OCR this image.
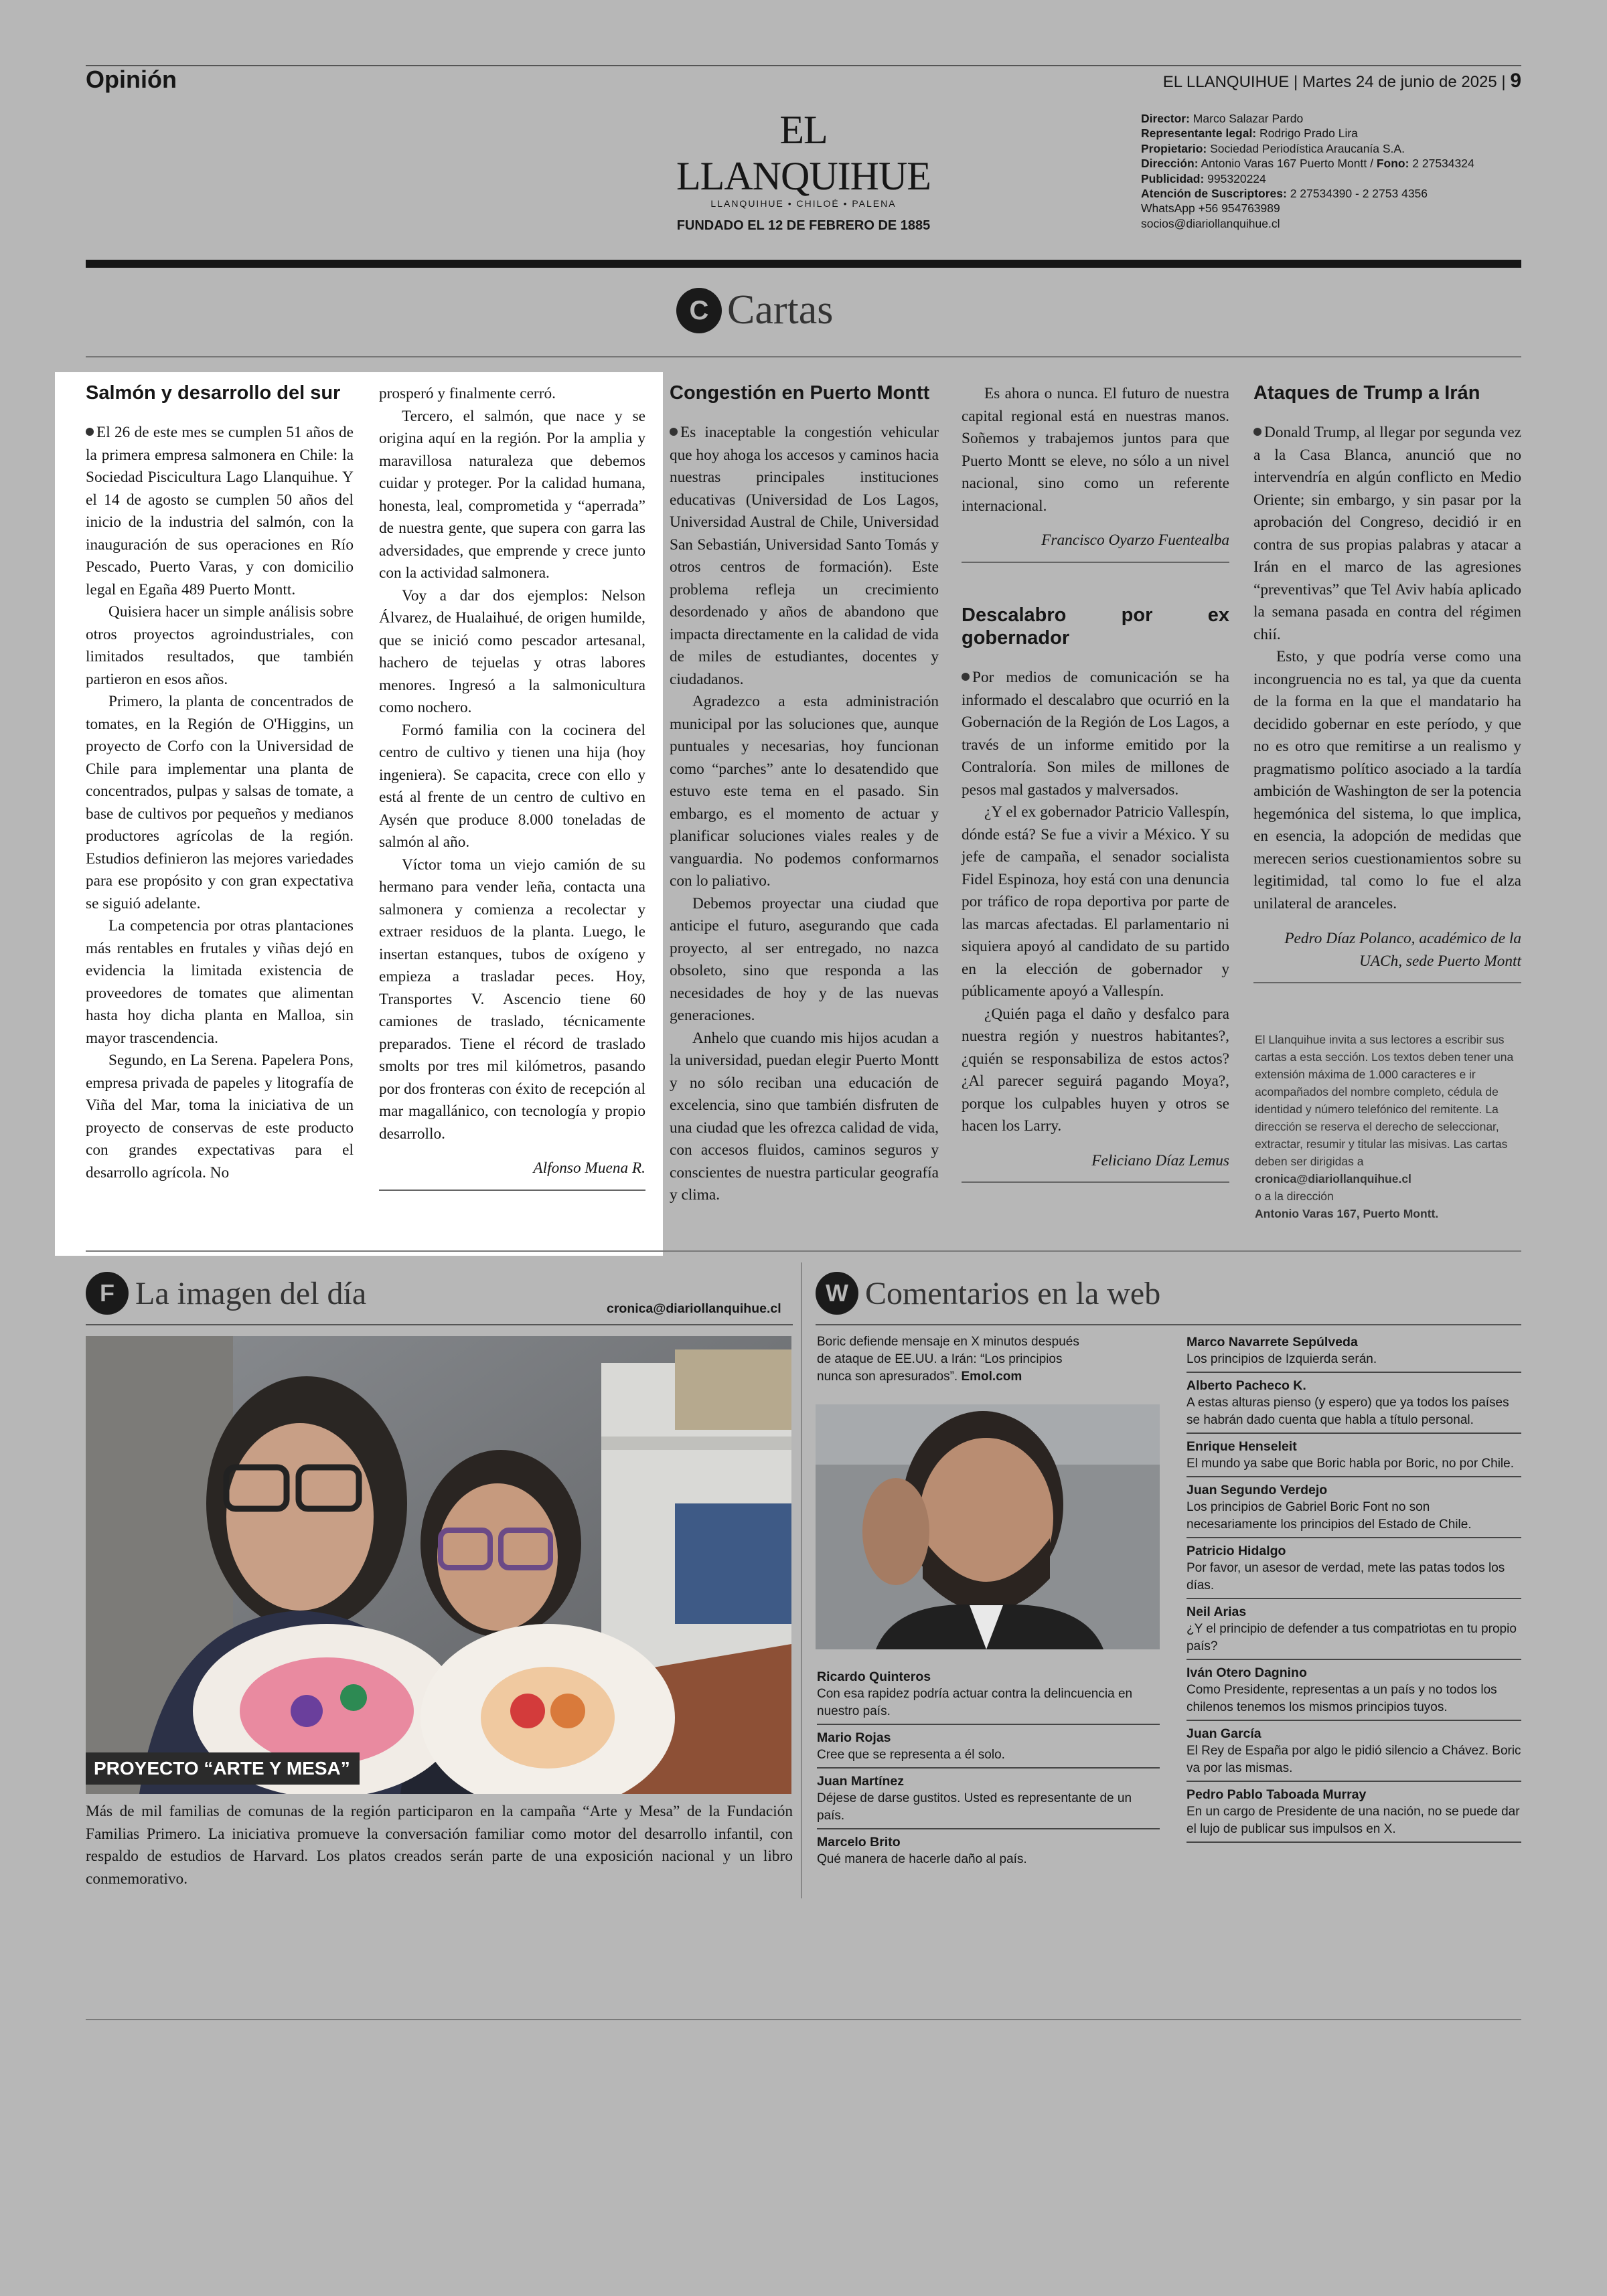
Opinión	EL LLANQUIHUE | Martes 24 de junio de 2025 | 9
EL LLANQUIHUE
LLANQUIHUE • CHILOÉ • PALENA
FUNDADO EL 12 DE FEBRERO DE 1885
Director: Marco Salazar Pardo
Representante legal: Rodrigo Prado Lira
Propietario: Sociedad Periodística Araucanía S.A.
Dirección: Antonio Varas 167 Puerto Montt / Fono: 2 27534324
Publicidad: 995320224
Atención de Suscriptores: 2 27534390 - 2 2753 4356
WhatsApp +56 954763989
socios@diariollanquihue.cl
C Cartas
Salmón y desarrollo del sur

El 26 de este mes se cumplen 51 años de la primera empresa salmonera en Chile: la Sociedad Piscicultura Lago Llanquihue. Y el 14 de agosto se cumplen 50 años del inicio de la industria del salmón, con la inauguración de sus operaciones en Río Pescado, Puerto Varas, y con domicilio legal en Egaña 489 Puerto Montt.

Quisiera hacer un simple análisis sobre otros proyectos agroindustriales, con limitados resultados, que también partieron en esos años.

Primero, la planta de concentrados de tomates, en la Región de O'Higgins, un proyecto de Corfo con la Universidad de Chile para implementar una planta de concentrados, pulpas y salsas de tomate, a base de cultivos por pequeños y medianos productores agrícolas de la región. Estudios definieron las mejores variedades para ese propósito y con gran expectativa se siguió adelante.

La competencia por otras plantaciones más rentables en frutales y viñas dejó en evidencia la limitada existencia de proveedores de tomates que alimentan hasta hoy dicha planta en Malloa, sin mayor trascendencia.

Segundo, en La Serena. Papelera Pons, empresa privada de papeles y litografía de Viña del Mar, toma la iniciativa de un proyecto de conservas de este producto con grandes expectativas para el desarrollo agrícola. No

prosperó y finalmente cerró.

Tercero, el salmón, que nace y se origina aquí en la región. Por la amplia y maravillosa naturaleza que debemos cuidar y proteger. Por la calidad humana, honesta, leal, comprometida y “aperrada” de nuestra gente, que supera con garra las adversidades, que emprende y crece junto con la actividad salmonera.

Voy a dar dos ejemplos: Nelson Álvarez, de Hualaihué, de origen humilde, que se inició como pescador artesanal, hachero de tejuelas y otras labores menores. Ingresó a la salmonicultura como nochero.

Formó familia con la cocinera del centro de cultivo y tienen una hija (hoy ingeniera). Se capacita, crece con ello y está al frente de un centro de cultivo en Aysén que produce 8.000 toneladas de salmón al año.

Víctor toma un viejo camión de su hermano para vender leña, contacta una salmonera y comienza a recolectar y extraer residuos de la planta. Luego, le insertan estanques, tubos de oxígeno y empieza a trasladar peces. Hoy, Transportes V. Ascencio tiene 60 camiones de traslado, técnicamente preparados. Tiene el récord de traslado smolts por tres mil kilómetros, pasando por dos fronteras con éxito de recepción al mar magallánico, con tecnología y propio desarrollo.

Alfonso Muena R.
Congestión en Puerto Montt

Es inaceptable la congestión vehicular que hoy ahoga los accesos y caminos hacia nuestras principales instituciones educativas (Universidad de Los Lagos, Universidad Austral de Chile, Universidad San Sebastián, Universidad Santo Tomás y otros centros de formación). Este problema refleja un crecimiento desordenado y años de abandono que impacta directamente en la calidad de vida de miles de estudiantes, docentes y ciudadanos.

Agradezco a esta administración municipal por las soluciones que, aunque puntuales y necesarias, hoy funcionan como “parches” ante lo desatendido que estuvo este tema en el pasado. Sin embargo, es el momento de actuar y planificar soluciones viales reales y de vanguardia. No podemos conformarnos con lo paliativo.

Debemos proyectar una ciudad que anticipe el futuro, asegurando que cada proyecto, al ser entregado, no nazca obsoleto, sino que responda a las necesidades de hoy y de las nuevas generaciones.

Anhelo que cuando mis hijos acudan a la universidad, puedan elegir Puerto Montt y no sólo reciban una educación de excelencia, sino que también disfruten de una ciudad que les ofrezca calidad de vida, con accesos fluidos, caminos seguros y conscientes de nuestra particular geografía y clima.

Es ahora o nunca. El futuro de nuestra capital regional está en nuestras manos. Soñemos y trabajemos juntos para que Puerto Montt se eleve, no sólo a un nivel nacional, sino como un referente internacional.

Francisco Oyarzo Fuentealba
Descalabro por ex gobernador

Por medios de comunicación se ha informado el descalabro que ocurrió en la Gobernación de la Región de Los Lagos, a través de un informe emitido por la Contraloría. Son miles de millones de pesos mal gastados y malversados.

¿Y el ex gobernador Patricio Vallespín, dónde está? Se fue a vivir a México. Y su jefe de campaña, el senador socialista Fidel Espinoza, hoy está con una denuncia por tráfico de ropa deportiva por parte de las marcas afectadas. El parlamentario ni siquiera apoyó al candidato de su partido en la elección de gobernador y públicamente apoyó a Vallespín.

¿Quién paga el daño y desfalco para nuestra región y nuestros habitantes?, ¿quién se responsabiliza de estos actos? ¿Al parecer seguirá pagando Moya?, porque los culpables huyen y otros se hacen los Larry.

Feliciano Díaz Lemus
Ataques de Trump a Irán

Donald Trump, al llegar por segunda vez a la Casa Blanca, anunció que no intervendría en algún conflicto en Medio Oriente; sin embargo, y sin pasar por la aprobación del Congreso, decidió ir en contra de sus propias palabras y atacar a Irán en el marco de las agresiones “preventivas” que Tel Aviv había aplicado la semana pasada en contra del régimen chií.

Esto, y que podría verse como una incongruencia no es tal, ya que da cuenta de la forma en la que el mandatario ha decidido gobernar en este período, y que no es otro que remitirse a un realismo y pragmatismo político asociado a la tardía ambición de Washington de ser la potencia hegemónica del sistema, lo que implica, en esencia, la adopción de medidas que merecen serios cuestionamientos sobre su legitimidad, tal como lo fue el alza unilateral de aranceles.

Pedro Díaz Polanco, académico de la
UACh, sede Puerto Montt
El Llanquihue invita a sus lectores a escribir sus cartas a esta sección. Los textos deben tener una extensión máxima de 1.000 caracteres e ir acompañados del nombre completo, cédula de identidad y número telefónico del remitente. La dirección se reserva el derecho de seleccionar, extractar, resumir y titular las misivas. Las cartas deben ser dirigidas a
cronica@diariollanquihue.cl
o a la dirección
Antonio Varas 167, Puerto Montt.
F La imagen del día	cronica@diariollanquihue.cl
PROYECTO “ARTE Y MESA”
Más de mil familias de comunas de la región participaron en la campaña “Arte y Mesa” de la Fundación Familias Primero. La iniciativa promueve la conversación familiar como motor del desarrollo infantil, con respaldo de estudios de Harvard. Los platos creados serán parte de una exposición nacional y un libro conmemorativo.
W Comentarios en la web
Boric defiende mensaje en X minutos después de ataque de EE.UU. a Irán: “Los principios nunca son apresurados”. Emol.com
Ricardo Quinteros
Con esa rapidez podría actuar contra la delincuencia en nuestro país.
Mario Rojas
Cree que se representa a él solo.
Juan Martínez
Déjese de darse gustitos. Usted es representante de un país.
Marcelo Brito
Qué manera de hacerle daño al país.
Marco Navarrete Sepúlveda
Los principios de Izquierda serán.
Alberto Pacheco K.
A estas alturas pienso (y espero) que ya todos los países se habrán dado cuenta que habla a título personal.
Enrique Henseleit
El mundo ya sabe que Boric habla por Boric, no por Chile.
Juan Segundo Verdejo
Los principios de Gabriel Boric Font no son necesariamente los principios del Estado de Chile.
Patricio Hidalgo
Por favor, un asesor de verdad, mete las patas todos los días.
Neil Arias
¿Y el principio de defender a tus compatriotas en tu propio país?
Iván Otero Dagnino
Como Presidente, representas a un país y no todos los chilenos tenemos los mismos principios tuyos.
Juan García
El Rey de España por algo le pidió silencio a Chávez. Boric va por las mismas.
Pedro Pablo Taboada Murray
En un cargo de Presidente de una nación, no se puede dar el lujo de publicar sus impulsos en X.
